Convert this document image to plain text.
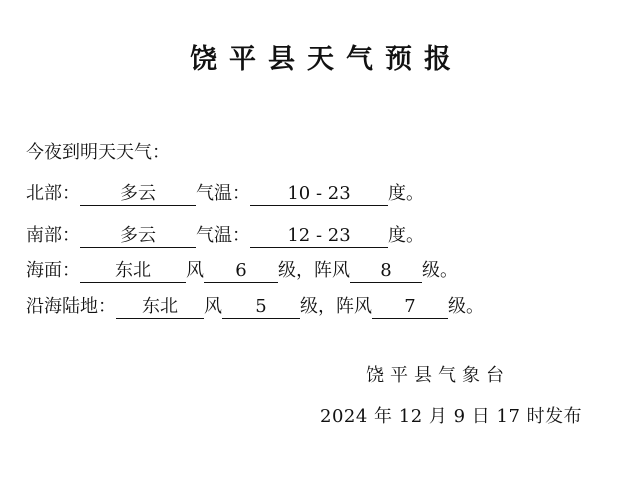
饶平县天气预报
今夜到明天天气：
北部：	多云	气温：	10 - 23	度。
南部：	多云	气温：	12 - 23	度。
海面：	东北	风	6	级，阵风	8	级。
沿海陆地：	东北	风	5	级，阵风	7	级。
饶平县气象台
2024 年 12 月 9 日 17 时发布
